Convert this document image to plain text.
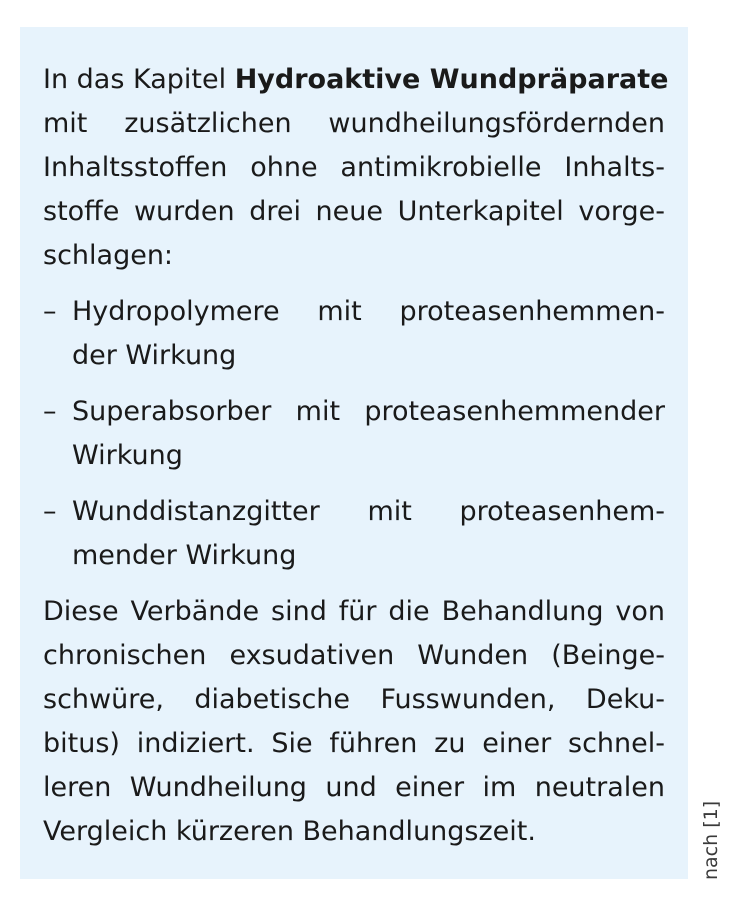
In das Kapitel Hydroaktive Wundpräparate
mit zusätzlichen wundheilungsfördernden
Inhaltsstoffen ohne antimikrobielle Inhalts-
stoffe wurden drei neue Unterkapitel vorge-
schlagen:
– Hydropolymere mit proteasenhemmen-
der Wirkung
– Superabsorber mit proteasenhemmender
Wirkung
– Wunddistanzgitter mit proteasenhem-
mender Wirkung
Diese Verbände sind für die Behandlung von
chronischen exsudativen Wunden (Beinge-
schwüre, diabetische Fusswunden, Deku-
bitus) indiziert. Sie führen zu einer schnel-
leren Wundheilung und einer im neutralen
Vergleich kürzeren Behandlungszeit.	nach [1]
